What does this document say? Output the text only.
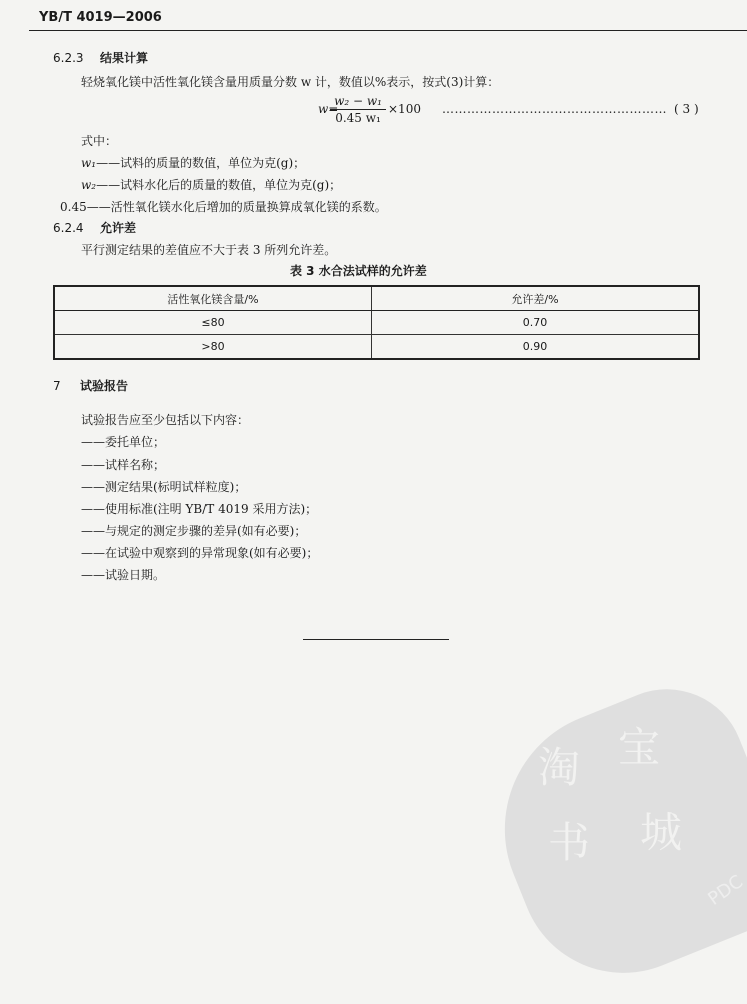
YB/T 4019—2006
6.2.3 结果计算
轻烧氧化镁中活性氧化镁含量用质量分数 w 计，数值以%表示，按式(3)计算：
w=
w₂ − w₁
0.45 w₁
×100 ……………………………………………… ( 3 )
式中：
w₁——试料的质量的数值，单位为克(g)；
w₂——试料水化后的质量的数值，单位为克(g)；
0.45——活性氧化镁水化后增加的质量换算成氧化镁的系数。
6.2.4 允许差
平行测定结果的差值应不大于表 3 所列允许差。
表 3 水合法试样的允许差
活性氧化镁含量/%	允许差/%
≤80	0.70
>80	0.90
7 试验报告
试验报告应至少包括以下内容：
——委托单位；
——试样名称；
——测定结果(标明试样粒度)；
——使用标准(注明 YB/T 4019 采用方法)；
——与规定的测定步骤的差异(如有必要)；
——在试验中观察到的异常现象(如有必要)；
——试验日期。
淘 宝
书 城
PDC
